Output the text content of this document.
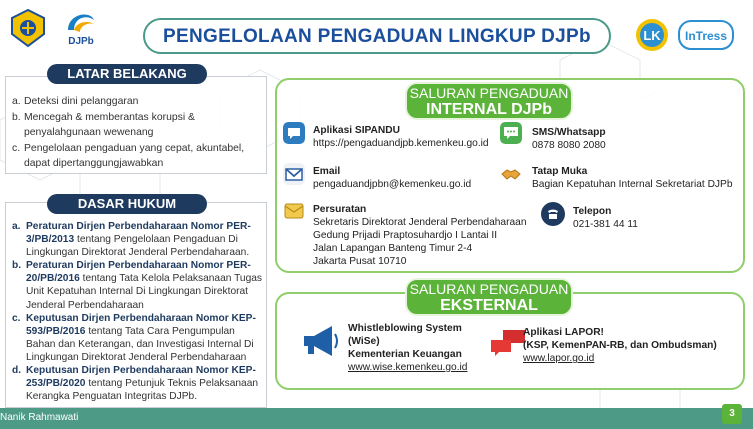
DJPb	PENGELOLAAN PENGADUAN LINGKUP DJPb	LK InTress
LATAR BELAKANG
a. Deteksi dini pelanggaran
b. Mencegah & memberantas korupsi & penyalahgunaan wewenang
c. Pengelolaan pengaduan yang cepat, akuntabel, dapat dipertanggungjawabkan
DASAR HUKUM
a. Peraturan Dirjen Perbendaharaan Nomor PER-3/PB/2013 tentang Pengelolaan Pengaduan Di Lingkungan Direktorat Jenderal Perbendaharaan.
b. Peraturan Dirjen Perbendaharaan Nomor PER-20/PB/2016 tentang Tata Kelola Pelaksanaan Tugas Unit Kepatuhan Internal Di Lingkungan Direktorat Jenderal Perbendaharaan
c. Keputusan Dirjen Perbendaharaan Nomor KEP-593/PB/2016 tentang Tata Cara Pengumpulan Bahan dan Keterangan, dan Investigasi Internal Di Lingkungan Direktorat Jenderal Perbendaharaan
d. Keputusan Dirjen Perbendaharaan Nomor KEP-253/PB/2020 tentang Petunjuk Teknis Pelaksanaan Kerangka Penguatan Integritas DJPb.
SALURAN PENGADUAN
INTERNAL DJPb
Aplikasi SIPANDU
https://pengaduandjpb.kemenkeu.go.id
SMS/Whatsapp
0878 8080 2080
Email
pengaduandjpbn@kemenkeu.go.id
Tatap Muka
Bagian Kepatuhan Internal Sekretariat DJPb
Persuratan
Sekretaris Direktorat Jenderal Perbendaharaan
Gedung Prijadi Praptosuhardjo I Lantai II
Jalan Lapangan Banteng Timur 2-4
Jakarta Pusat 10710
Telepon
021-381 44 11
SALURAN PENGADUAN
EKSTERNAL
Whistleblowing System
(WiSe)
Kementerian Keuangan
www.wise.kemenkeu.go.id
Aplikasi LAPOR!
(KSP, KemenPAN-RB, dan Ombudsman)
www.lapor.go.id
Nanik Rahmawati	3
